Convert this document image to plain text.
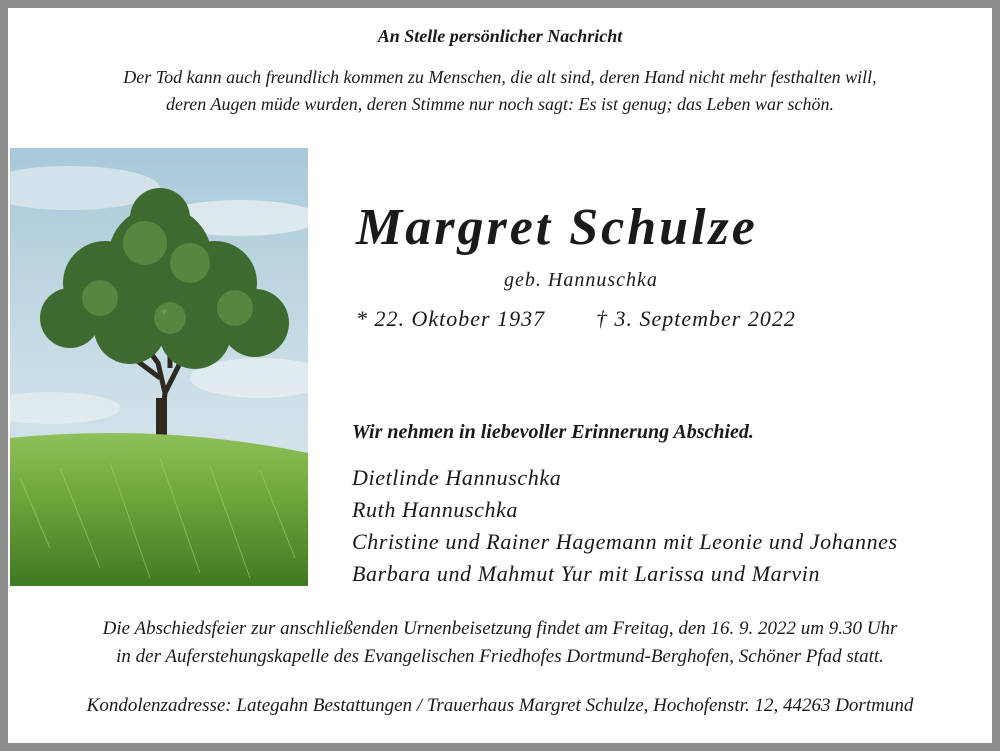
An Stelle persönlicher Nachricht
Der Tod kann auch freundlich kommen zu Menschen, die alt sind, deren Hand nicht mehr festhalten will,
deren Augen müde wurden, deren Stimme nur noch sagt: Es ist genug; das Leben war schön.
Margret Schulze
geb. Hannuschka
* 22. Oktober 1937 † 3. September 2022
Wir nehmen in liebevoller Erinnerung Abschied.
Dietlinde Hannuschka
Ruth Hannuschka
Christine und Rainer Hagemann mit Leonie und Johannes
Barbara und Mahmut Yur mit Larissa und Marvin
Die Abschiedsfeier zur anschließenden Urnenbeisetzung findet am Freitag, den 16. 9. 2022 um 9.30 Uhr
in der Auferstehungskapelle des Evangelischen Friedhofes Dortmund-Berghofen, Schöner Pfad statt.
Kondolenzadresse: Lategahn Bestattungen / Trauerhaus Margret Schulze, Hochofenstr. 12, 44263 Dortmund
